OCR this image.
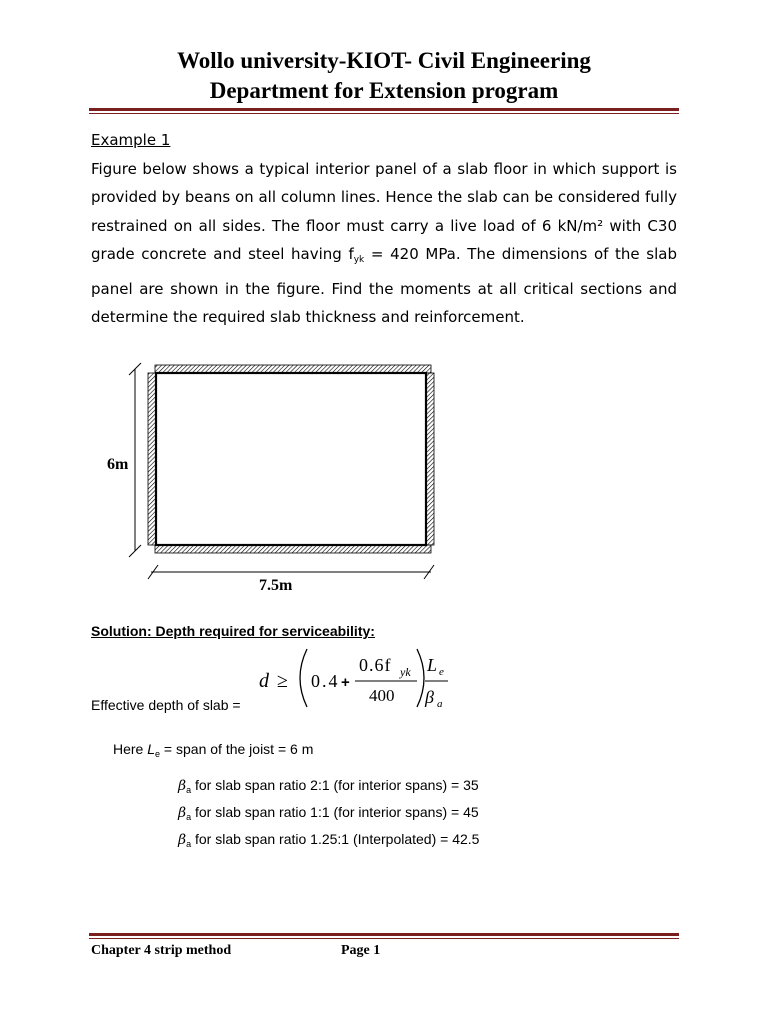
Wollo university-KIOT- Civil Engineering
Department for Extension program
Example 1
Figure below shows a typical interior panel of a slab floor in which support is provided by beans on all column lines. Hence the slab can be considered fully restrained on all sides. The floor must carry a live load of 6 kN/m² with C30 grade concrete and steel having $f_{yk} = 420$ MPa. The dimensions of the slab panel are shown in the figure. Find the moments at all critical sections and determine the required slab thickness and reinforcement.
6m
7.5m
Solution: Depth required for serviceability:
Effective depth of slab =
d ≥ 0.4 +
0.6f yk
400
L e
β a
Here $L_e$ = span of the joist = 6 m
$\beta_a$ for slab span ratio 2:1 (for interior spans) = 35
$\beta_a$ for slab span ratio 1:1 (for interior spans) = 45
$\beta_a$ for slab span ratio 1.25:1 (Interpolated) = 42.5
Chapter 4 strip method	Page 1
